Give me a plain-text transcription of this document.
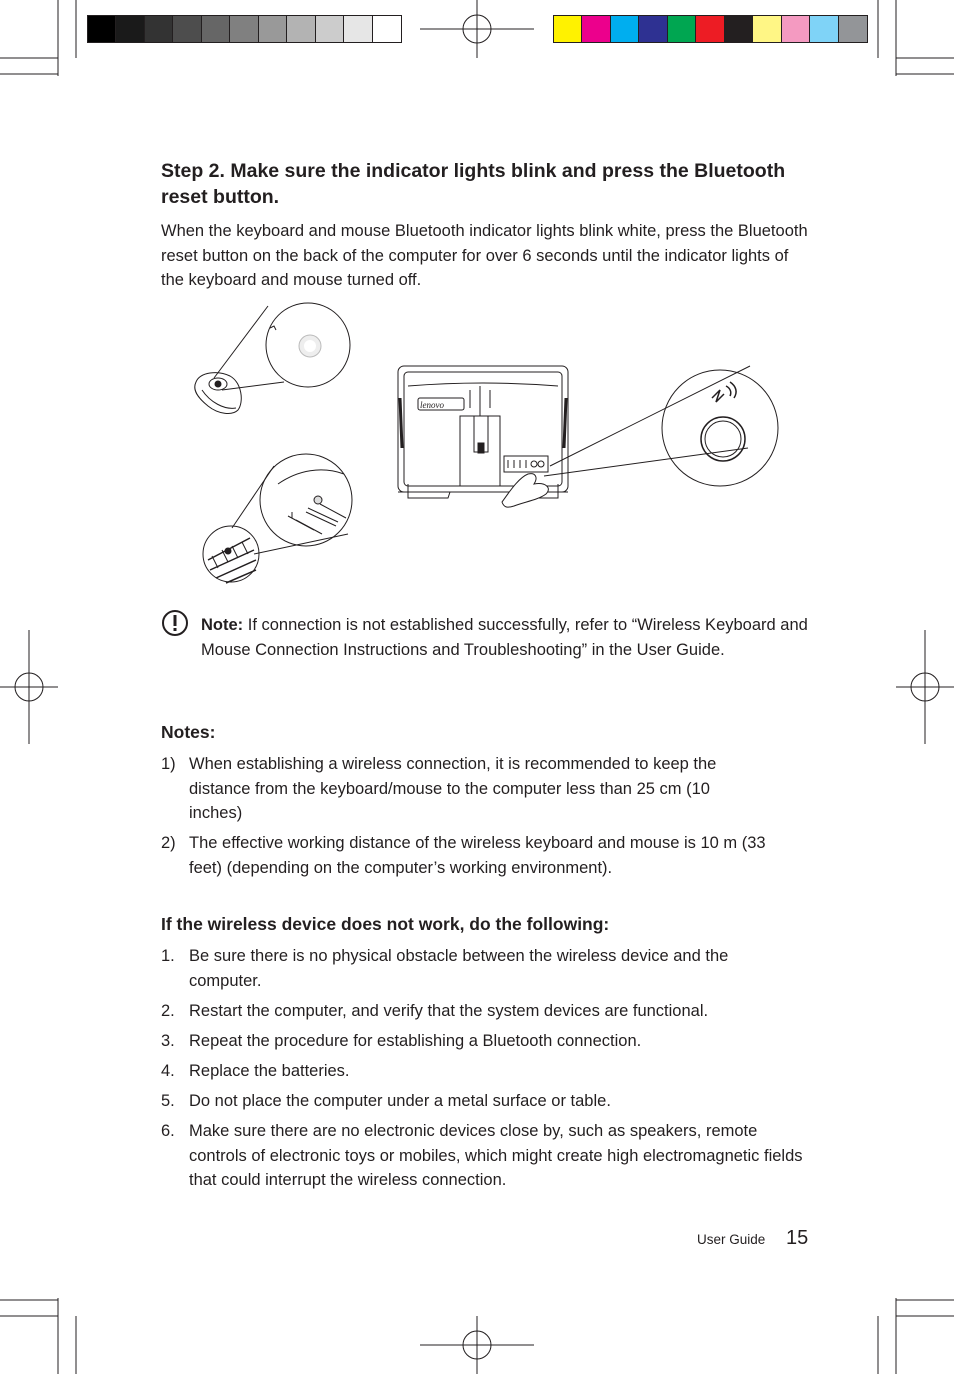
Step 2. Make sure the indicator lights blink and press the Bluetooth reset button.

When the keyboard and mouse Bluetooth indicator lights blink white, press the Bluetooth reset button on the back of the computer for over 6 seconds until the indicator lights of the keyboard and mouse turned off.

lenovo

Note: If connection is not established successfully, refer to “Wireless Keyboard and Mouse Connection Instructions and Troubleshooting” in the User Guide.

Notes:
1) When establishing a wireless connection, it is recommended to keep the distance from the keyboard/mouse to the computer less than 25 cm (10 inches)
2) The effective working distance of the wireless keyboard and mouse is 10 m (33 feet) (depending on the computer’s working environment).
If the wireless device does not work, do the following:
1. Be sure there is no physical obstacle between the wireless device and the computer.
2. Restart the computer, and verify that the system devices are functional.
3. Repeat the procedure for establishing a Bluetooth connection.
4. Replace the batteries.
5. Do not place the computer under a metal surface or table.
6. Make sure there are no electronic devices close by, such as speakers, remote controls of electronic toys or mobiles, which might create high electromagnetic fields that could interrupt the wireless connection.
User Guide 15
